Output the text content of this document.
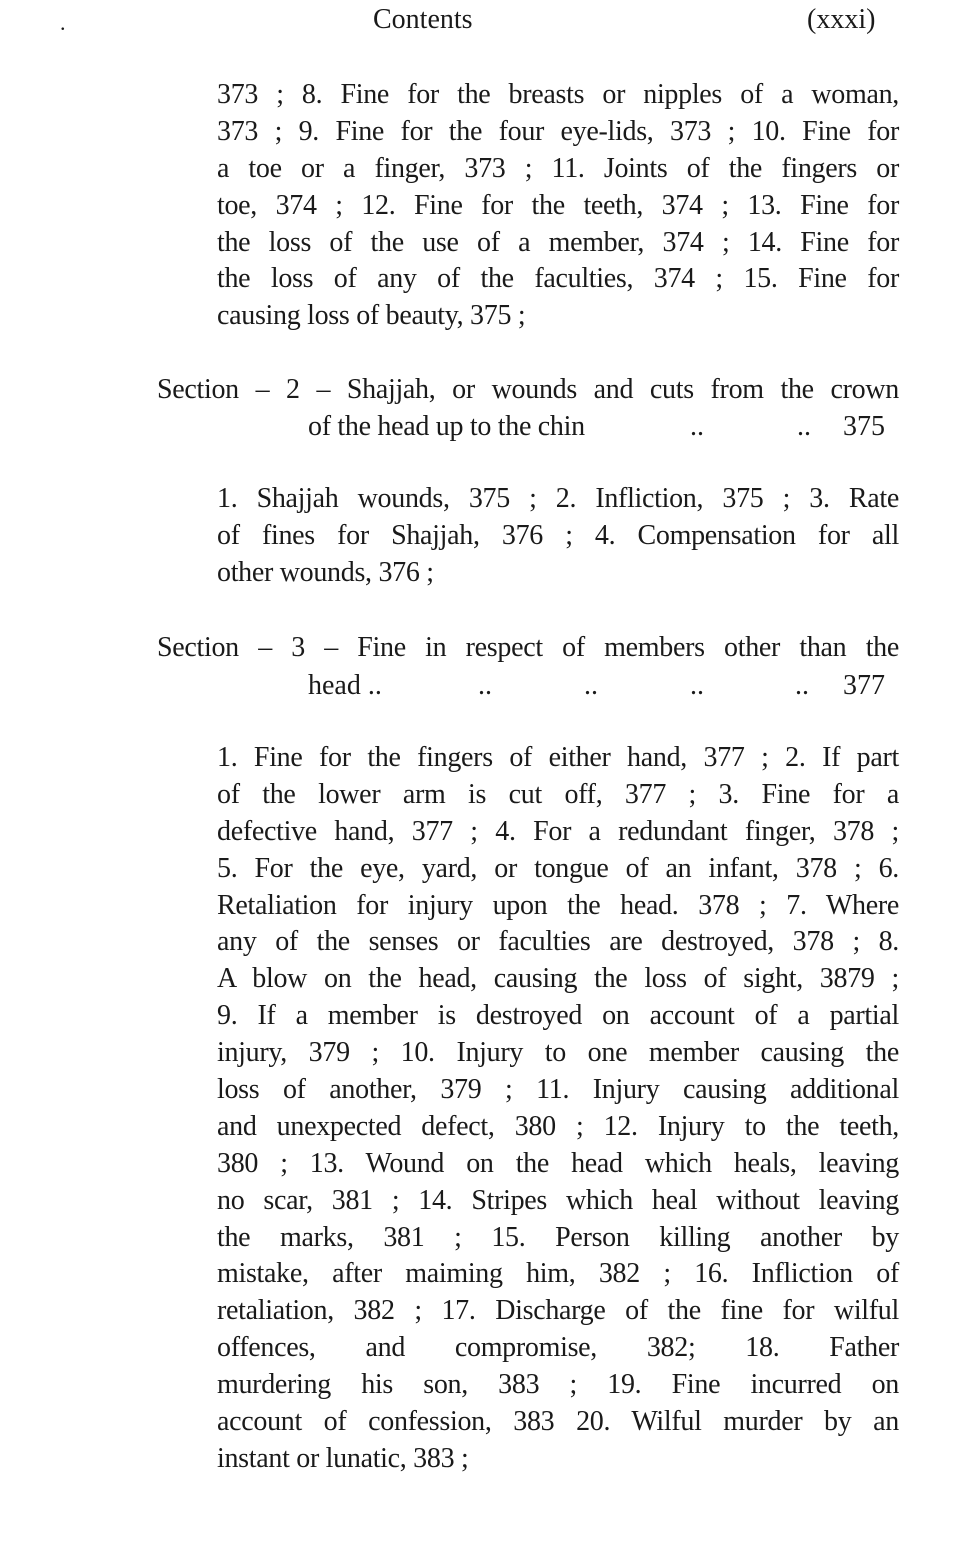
.	Contents	(xxxi)
373 ; 8. Fine for the breasts or nipples of a woman,
373 ; 9. Fine for the four eye-lids, 373 ; 10. Fine for
a toe or a finger, 373 ; 11. Joints of the fingers or
toe, 374 ; 12. Fine for the teeth, 374 ; 13. Fine for
the loss of the use of a member, 374 ; 14. Fine for
the loss of any of the faculties, 374 ; 15. Fine for
causing loss of beauty, 375 ;
Section – 2 – Shajjah, or wounds and cuts from the crown
of the head up to the chin	..	.. 375
1. Shajjah wounds, 375 ; 2. Infliction, 375 ; 3. Rate
of fines for Shajjah, 376 ; 4. Compensation for all
other wounds, 376 ;
Section – 3 – Fine in respect of members other than the
head ..	..	..	..	.. 377
1. Fine for the fingers of either hand, 377 ; 2. If part
of the lower arm is cut off, 377 ; 3. Fine for a
defective hand, 377 ; 4. For a redundant finger, 378 ;
5. For the eye, yard, or tongue of an infant, 378 ; 6.
Retaliation for injury upon the head. 378 ; 7. Where
any of the senses or faculties are destroyed, 378 ; 8.
A blow on the head, causing the loss of sight, 3879 ;
9. If a member is destroyed on account of a partial
injury, 379 ; 10. Injury to one member causing the
loss of another, 379 ; 11. Injury causing additional
and unexpected defect, 380 ; 12. Injury to the teeth,
380 ; 13. Wound on the head which heals, leaving
no scar, 381 ; 14. Stripes which heal without leaving
the marks, 381 ; 15. Person killing another by
mistake, after maiming him, 382 ; 16. Infliction of
retaliation, 382 ; 17. Discharge of the fine for wilful
offences, and compromise, 382; 18. Father
murdering his son, 383 ; 19. Fine incurred on
account of confession, 383 20. Wilful murder by an
instant or lunatic, 383 ;
